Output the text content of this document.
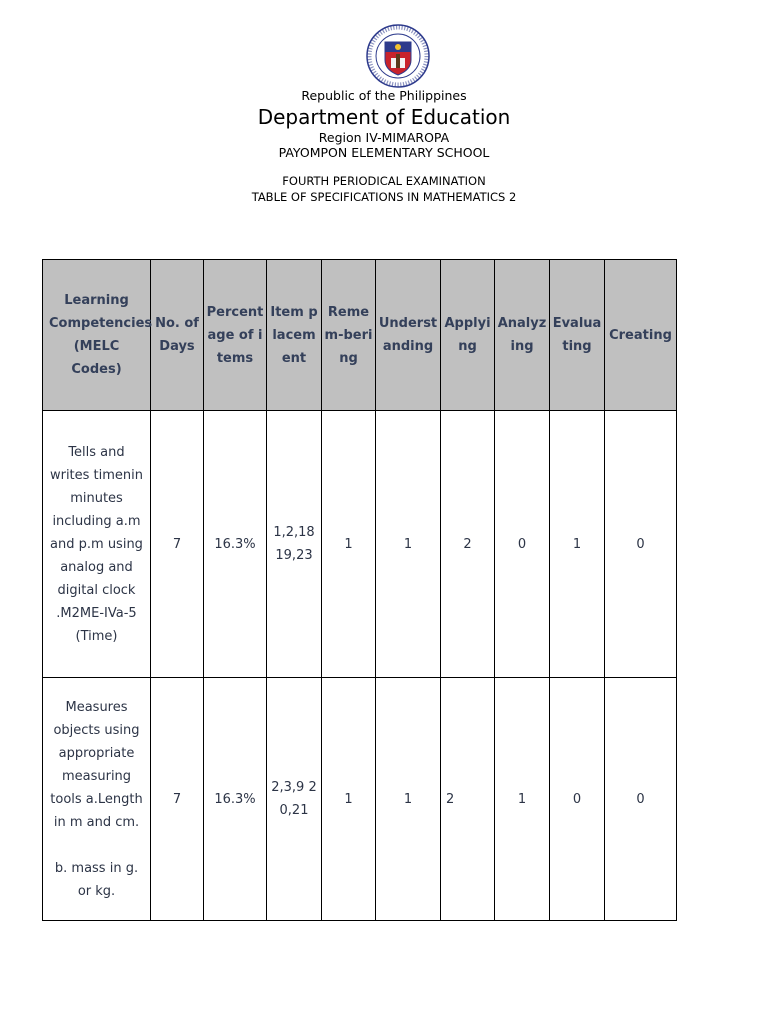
Republic of the Philippines
Department of Education
Region IV-MIMAROPA
PAYOMPON ELEMENTARY SCHOOL
FOURTH PERIODICAL EXAMINATION
TABLE OF SPECIFICATIONS IN MATHEMATICS 2
Learning Competencies (MELC Codes)	No. of Days	Percentage of items	Item placement	Remem-bering	Understanding	Applying	Analyzing	Evaluating	Creating
Tells and writes timenin minutes including a.m and p.m using analog and digital clock .M2ME-IVa-5 (Time)	7	16.3%	1,2,18 19,23	1	1	2	0	1	0

Measures objects using appropriate measuring tools a.Length in m and cm.
b. mass in g. or kg.	7	16.3%	2,3,9 20,21	1	1	2	1	0	0
